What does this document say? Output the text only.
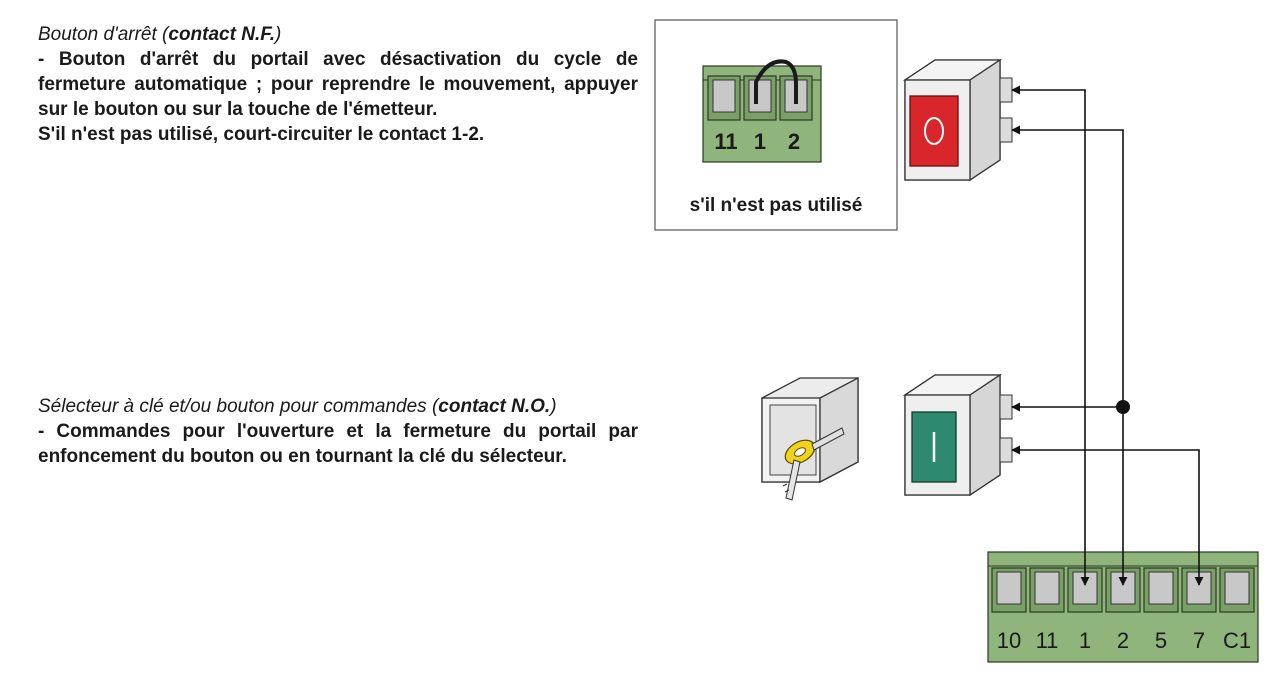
Bouton d'arrêt (contact N.F.)

- Bouton d'arrêt du portail avec désactivation du cycle de fermeture automatique ; pour reprendre le mouvement, appuyer sur le bouton ou sur la touche de l'émetteur.

S'il n'est pas utilisé, court-circuiter le contact 1-2.

Sélecteur à clé et/ou bouton pour commandes (contact N.O.)

- Commandes pour l'ouverture et la fermeture du portail par enfoncement du bouton ou en tournant la clé du sélecteur.

11 1 2
s'il n'est pas utilisé
10 11 1 2 5 7 C1
